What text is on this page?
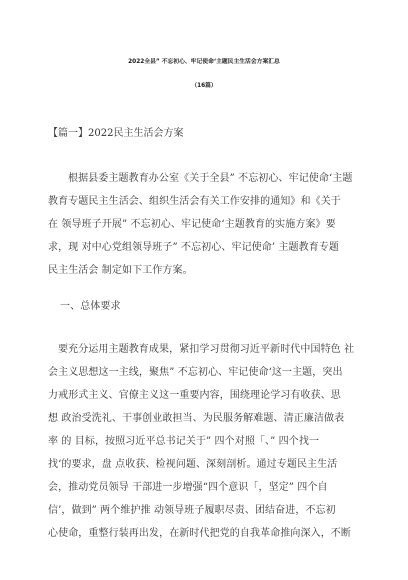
2022全县” 不忘初心、牢记使命‘主题民主生活会方案汇总
（16篇）
【篇一】2022民主生活会方案
根据县委主题教育办公室《关于全县” 不忘初心、牢记使命‘主题
教育专题民主生活会、组织生活会有关工作安排的通知》和《关于
在 领导班子开展” 不忘初心、牢记使命‘主题教育的实施方案》要
求，现 对中心党组领导班子” 不忘初心、牢记使命’ 主题教育专题
民主生活会 制定如下工作方案。
一、总体要求
要充分运用主题教育成果，紧扣学习贯彻习近平新时代中国特色 社
会主义思想这一主线，聚焦” 不忘初心、牢记使命‘这一主题，突出
力戒形式主义、官僚主义这一重要内容，围绕理论学习有收获、思
想 政治受洗礼、干事创业敢担当、为民服务解难题、清正廉洁做表
率 的 目标，按照习近平总书记关于” 四个对照「、” 四个找一
找‘的要求，盘 点收获、检视问题、深刻剖析。通过专题民主生活
会，推动党员领导 干部进一步增强“四个意识「，坚定” 四个自
信’，做到” 两个维护推 动领导班子履职尽责、团结奋进，不忘初
心使命，重整行装再出发，在新时代把党的自我革命推向深入，不断
